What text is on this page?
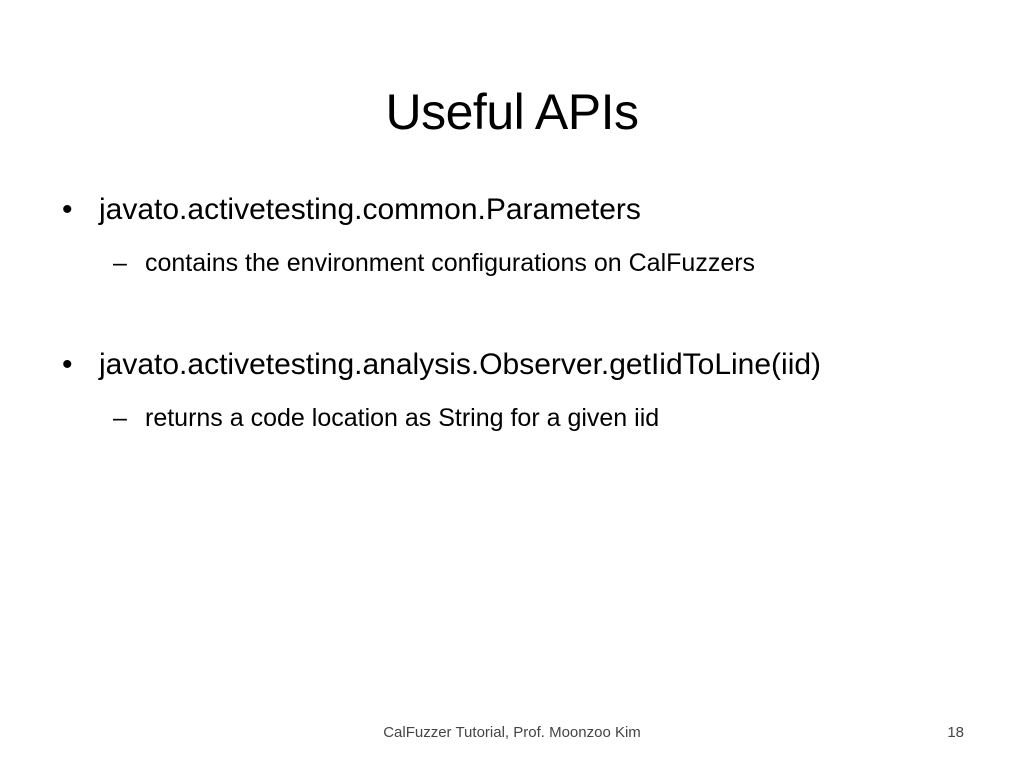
Useful APIs
• javato.activetesting.common.Parameters
– contains the environment configurations on CalFuzzers
• javato.activetesting.analysis.Observer.getIidToLine(iid)
– returns a code location as String for a given iid
CalFuzzer Tutorial, Prof. Moonzoo Kim	18
